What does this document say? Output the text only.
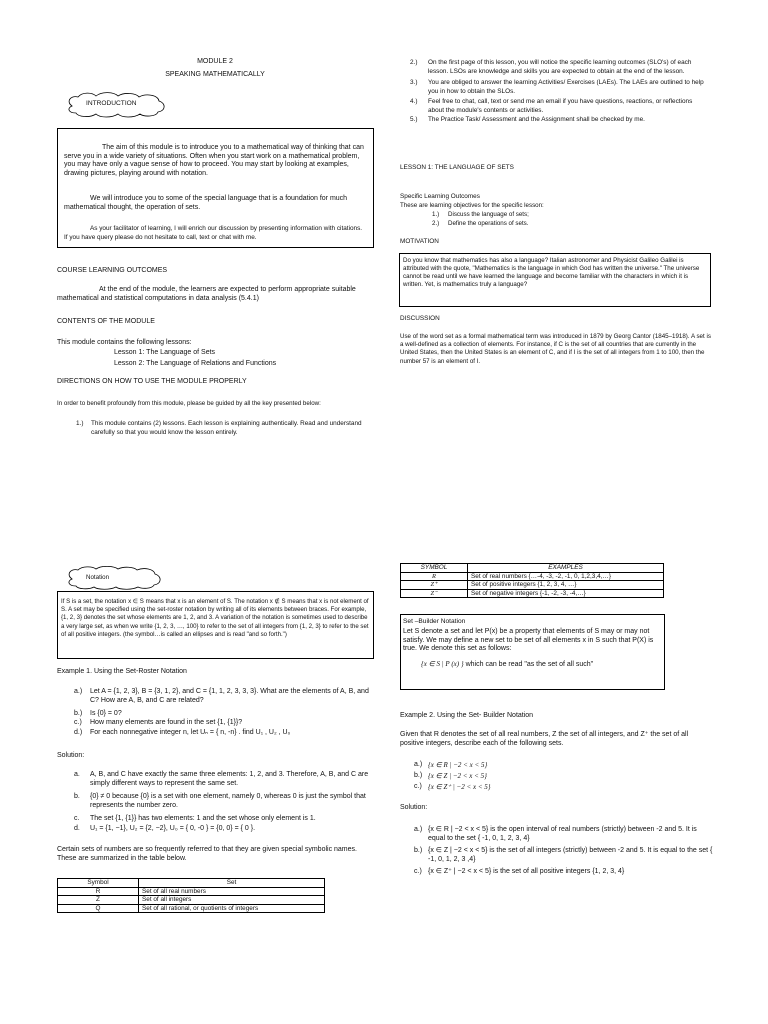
MODULE 2
SPEAKING MATHEMATICALLY
INTRODUCTION
The aim of this module is to introduce you to a mathematical way of thinking that can serve you in a wide variety of situations. Often when you start work on a mathematical problem, you may have only a vague sense of how to proceed. You may start by looking at examples, drawing pictures, playing around with notation.
We will introduce you to some of the special language that is a foundation for much mathematical thought, the operation of sets.
As your facilitator of learning, I will enrich our discussion by presenting information with citations. If you have query please do not hesitate to call, text or chat with me.
COURSE LEARNING OUTCOMES
At the end of the module, the learners are expected to perform appropriate suitable mathematical and statistical computations in data analysis (5.4.1)
CONTENTS OF THE MODULE
This module contains the following lessons:
Lesson 1: The Language of Sets
Lesson 2: The Language of Relations and Functions
DIRECTIONS ON HOW TO USE THE MODULE PROPERLY
In order to benefit profoundly from this module, please be guided by all the key presented below:
1.) This module contains (2) lessons. Each lesson is explaining authentically. Read and understand carefully so that you would know the lesson entirely.
2.) On the first page of this lesson, you will notice the specific learning outcomes (SLO's) of each lesson. LSOs are knowledge and skills you are expected to obtain at the end of the lesson.
3.) You are obliged to answer the learning Activities/ Exercises (LAEs). The LAEs are outlined to help you in how to obtain the SLOs.
4.) Feel free to chat, call, text or send me an email if you have questions, reactions, or reflections about the module's contents or activities.
5.) The Practice Task/ Assessment and the Assignment shall be checked by me.
LESSON 1: THE LANGUAGE OF SETS
Specific Learning Outcomes
These are learning objectives for the specific lesson:
1.) Discuss the language of sets;
2.) Define the operations of sets.
MOTIVATION
Do you know that mathematics has also a language? Italian astronomer and Physicist Galileo Galilei is attributed with the quote, "Mathematics is the language in which God has written the universe." The universe cannot be read until we have learned the language and become familiar with the characters in which it is written. Yet, is mathematics truly a language?
DISCUSSION
Use of the word set as a formal mathematical term was introduced in 1879 by Georg Cantor (1845–1918). A set is a well-defined as a collection of elements. For instance, if C is the set of all countries that are currently in the United States, then the United States is an element of C, and if I is the set of all integers from 1 to 100, then the number 57 is an element of I.
Notation
If S is a set, the notation x ∈ S means that x is an element of S. The notation x ∉ S means that x is not element of S. A set may be specified using the set-roster notation by writing all of its elements between braces. For example, {1, 2, 3} denotes the set whose elements are 1, 2, and 3. A variation of the notation is sometimes used to describe a very large set, as when we write {1, 2, 3, …, 100} to refer to the set of all integers from {1, 2, 3} to refer to the set of all positive integers. (the symbol…is called an ellipses and is read "and so forth.")
Example 1. Using the Set-Roster Notation
a.) Let A = {1, 2, 3}, B = {3, 1, 2}, and C = {1, 1, 2, 3, 3, 3}. What are the elements of A, B, and C? How are A, B, and C are related?
b.) Is {0} = 0?
c.) How many elements are found in the set {1, {1}}?
d.) For each nonnegative integer n, let Uₙ = { n, -n} . find U₁ , U₂ , U₀
Solution:
a. A, B, and C have exactly the same three elements: 1, 2, and 3. Therefore, A, B, and C are simply different ways to represent the same set.
b. {0} ≠ 0 because {0} is a set with one element, namely 0, whereas 0 is just the symbol that represents the number zero.
c. The set {1, {1}} has two elements: 1 and the set whose only element is 1.
d. U₁ = {1, −1}, U₂ = {2, −2}, U₀ = { 0, -0 } = {0, 0} = { 0 }.
Certain sets of numbers are so frequently referred to that they are given special symbolic names. These are summarized in the table below.
Symbol	Set
R	Set of all real numbers
Z	Set of all integers
Q	Set of all rational, or quotients of integers
SYMBOL	EXAMPLES
R	Set of real numbers {…-4, -3, -2, -1, 0, 1,2,3,4,…}
Z⁺	Set of positive integers {1, 2, 3, 4, …}
Z⁻	Set of negative integers {-1, -2, -3, -4,…}
Set –Builder Notation
Let S denote a set and let P(x) be a property that elements of S may or may not satisfy. We may define a new set to be set of all elements x in S such that P(X) is true. We denote this set as follows:
{x ∈ S | P (x) } which can be read "as the set of all such"
Example 2. Using the Set- Builder Notation
Given that R denotes the set of all real numbers, Z the set of all integers, and Z⁺ the set of all positive integers, describe each of the following sets.
a.) {x ∈ R | −2 < x < 5}
b.) {x ∈ Z | −2 < x < 5}
c.) {x ∈ Z⁺ | −2 < x < 5}
Solution:
a.) {x ∈ R | −2 < x < 5} is the open interval of real numbers (strictly) between -2 and 5. It is equal to the set { -1, 0, 1, 2, 3, 4}
b.) {x ∈ Z | −2 < x < 5} is the set of all integers (strictly) between -2 and 5. It is equal to the set { -1, 0, 1, 2, 3 ,4}
c.) {x ∈ Z⁺ | −2 < x < 5} is the set of all positive integers {1, 2, 3, 4}
